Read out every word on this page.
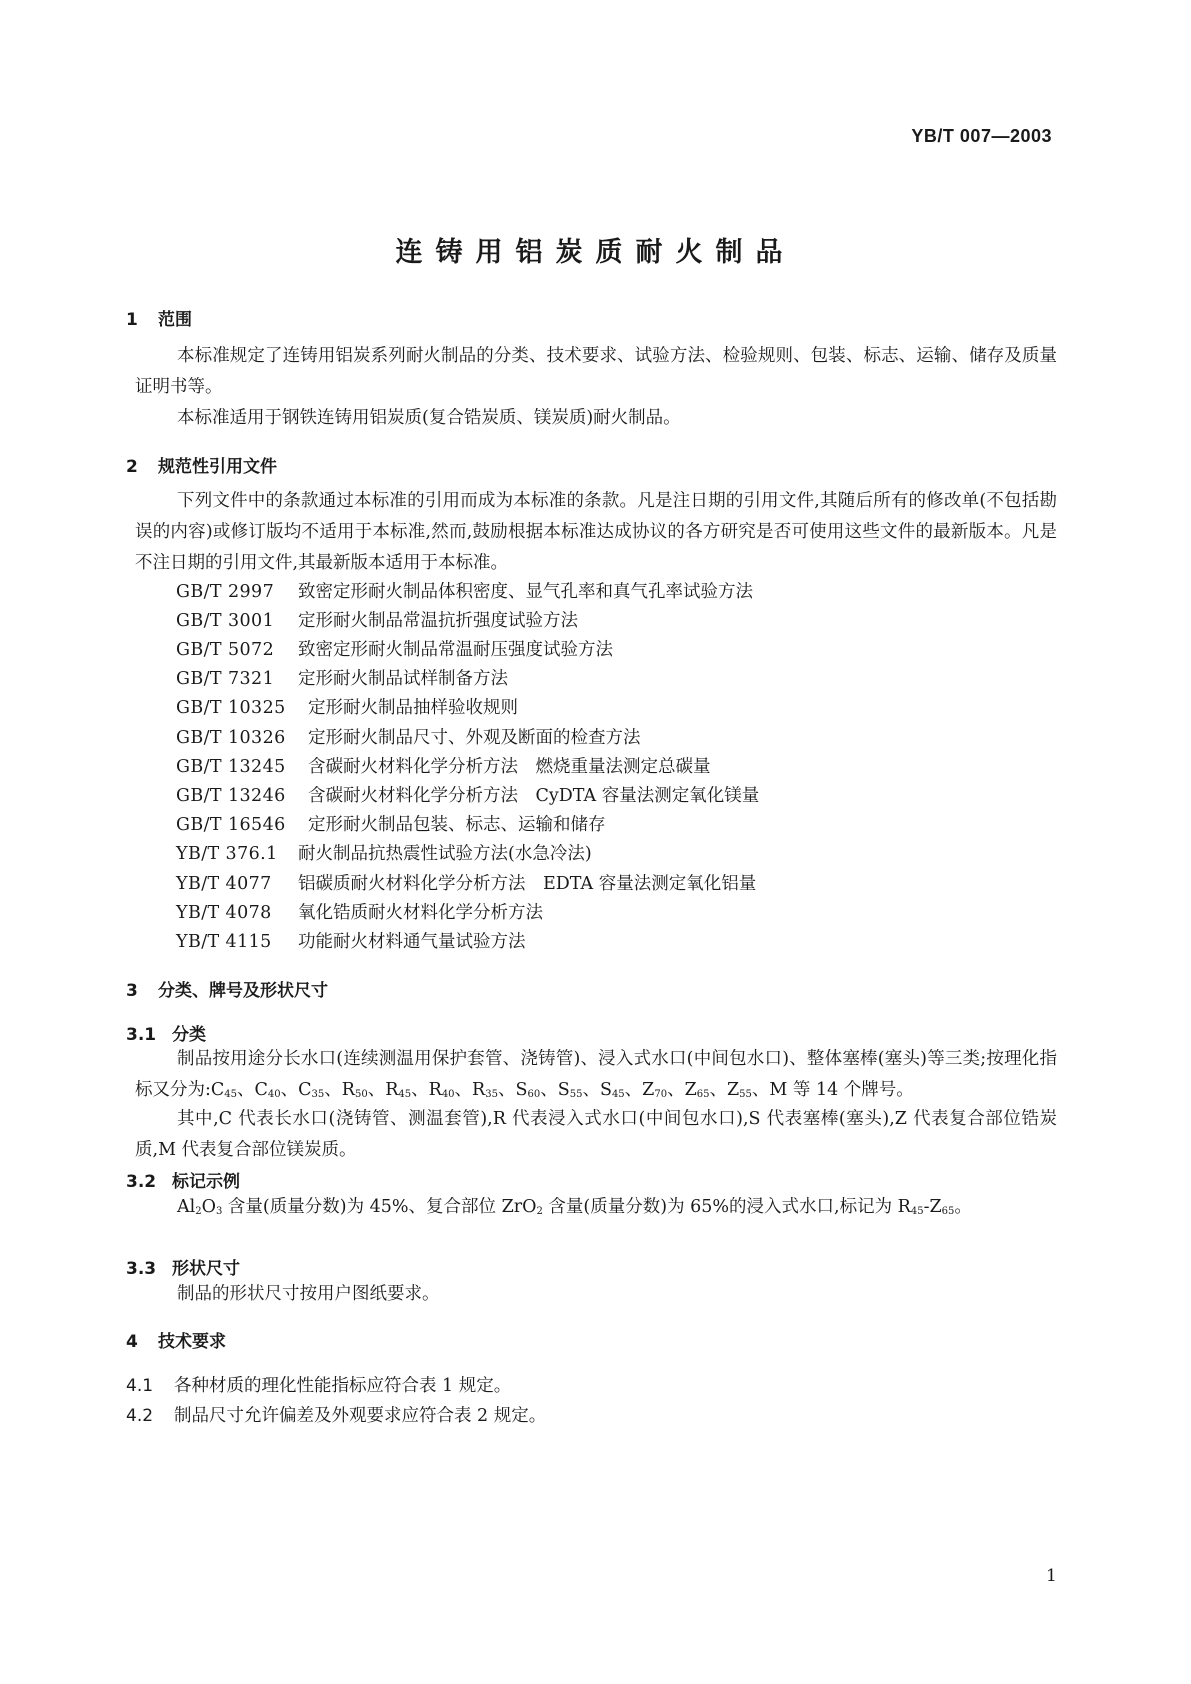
YB/T 007—2003
连铸用铝炭质耐火制品
1 范围
本标准规定了连铸用铝炭系列耐火制品的分类、技术要求、试验方法、检验规则、包装、标志、运输、储存及质量证明书等。
本标准适用于钢铁连铸用铝炭质(复合锆炭质、镁炭质)耐火制品。
2 规范性引用文件
下列文件中的条款通过本标准的引用而成为本标准的条款。凡是注日期的引用文件,其随后所有的修改单(不包括勘误的内容)或修订版均不适用于本标准,然而,鼓励根据本标准达成协议的各方研究是否可使用这些文件的最新版本。凡是不注日期的引用文件,其最新版本适用于本标准。
GB/T 2997 致密定形耐火制品体积密度、显气孔率和真气孔率试验方法
GB/T 3001 定形耐火制品常温抗折强度试验方法
GB/T 5072 致密定形耐火制品常温耐压强度试验方法
GB/T 7321 定形耐火制品试样制备方法
GB/T 10325 定形耐火制品抽样验收规则
GB/T 10326 定形耐火制品尺寸、外观及断面的检查方法
GB/T 13245 含碳耐火材料化学分析方法　燃烧重量法测定总碳量
GB/T 13246 含碳耐火材料化学分析方法　CyDTA 容量法测定氧化镁量
GB/T 16546 定形耐火制品包装、标志、运输和储存
YB/T 376.1 耐火制品抗热震性试验方法(水急冷法)
YB/T 4077 铝碳质耐火材料化学分析方法　EDTA 容量法测定氧化铝量
YB/T 4078 氧化锆质耐火材料化学分析方法
YB/T 4115 功能耐火材料通气量试验方法
3 分类、牌号及形状尺寸
3.1 分类
制品按用途分长水口(连续测温用保护套管、浇铸管)、浸入式水口(中间包水口)、整体塞棒(塞头)等三类;按理化指标又分为$:C_{45}$、$C_{40}$、$C_{35}$、$R_{50}$、$R_{45}$、$R_{40}$、$R_{35}$、$S_{60}$、$S_{55}$、$S_{45}$、$Z_{70}$、$Z_{65}$、$Z_{55}$、M 等 14 个牌号。
其中,C 代表长水口(浇铸管、测温套管),R 代表浸入式水口(中间包水口),S 代表塞棒(塞头),Z 代表复合部位锆炭质,M 代表复合部位镁炭质。
3.2 标记示例
$Al_2O_3$ 含量(质量分数)为 45%、复合部位 ZrO$_2$ 含量(质量分数)为 65%的浸入式水口,标记为 $R_{45}-Z_{65}$。
3.3 形状尺寸
制品的形状尺寸按用户图纸要求。
4 技术要求
4.1 各种材质的理化性能指标应符合表 1 规定。
4.2 制品尺寸允许偏差及外观要求应符合表 2 规定。
1
